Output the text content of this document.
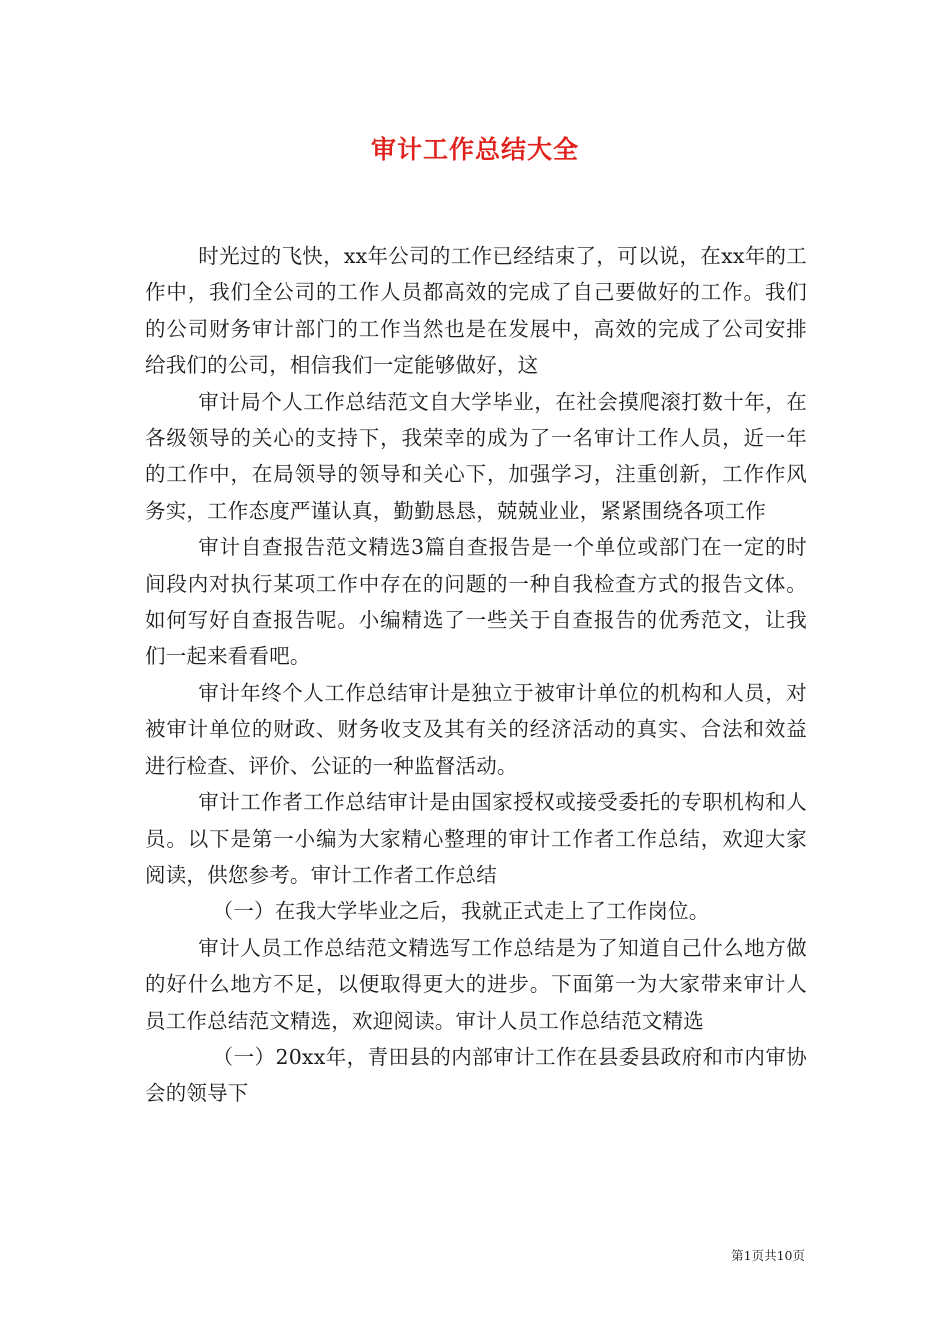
审计工作总结大全

时光过的飞快，xx年公司的工作已经结束了，可以说，在xx年的工作中，我们全公司的工作人员都高效的完成了自己要做好的工作。我们的公司财务审计部门的工作当然也是在发展中，高效的完成了公司安排给我们的公司，相信我们一定能够做好，这

审计局个人工作总结范文自大学毕业，在社会摸爬滚打数十年，在各级领导的关心的支持下，我荣幸的成为了一名审计工作人员，近一年的工作中，在局领导的领导和关心下，加强学习，注重创新，工作作风务实，工作态度严谨认真，勤勤恳恳，兢兢业业，紧紧围绕各项工作

审计自查报告范文精选3篇自查报告是一个单位或部门在一定的时间段内对执行某项工作中存在的问题的一种自我检查方式的报告文体。如何写好自查报告呢。小编精选了一些关于自查报告的优秀范文，让我们一起来看看吧。

审计年终个人工作总结审计是独立于被审计单位的机构和人员，对被审计单位的财政、财务收支及其有关的经济活动的真实、合法和效益进行检查、评价、公证的一种监督活动。

审计工作者工作总结审计是由国家授权或接受委托的专职机构和人员。以下是第一小编为大家精心整理的审计工作者工作总结，欢迎大家阅读，供您参考。审计工作者工作总结

（一）在我大学毕业之后，我就正式走上了工作岗位。

审计人员工作总结范文精选写工作总结是为了知道自己什么地方做的好什么地方不足，以便取得更大的进步。下面第一为大家带来审计人员工作总结范文精选，欢迎阅读。审计人员工作总结范文精选

（一）20xx年，青田县的内部审计工作在县委县政府和市内审协会的领导下

第1页共10页
